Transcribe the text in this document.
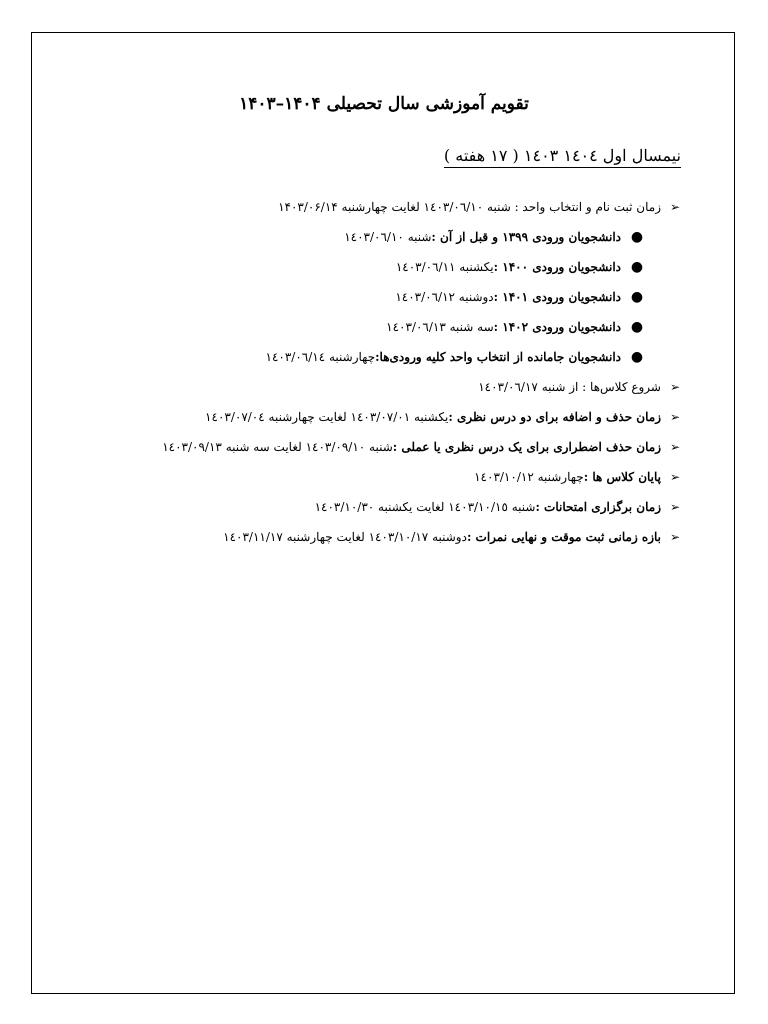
تقویم آموزشی سال تحصیلی ۱۴۰۴–۱۴۰۳
نیمسال اول ١٤٠٤ ١٤٠٣ ( ١٧ هفته )
➢
زمان ثبت نام و انتخاب واحد : شنبه ١٤٠٣/٠٦/١٠ لغایت چهارشنبه ۱۴۰۳/۰۶/۱۴
●
دانشجویان ورودی ۱۳۹۹ و قبل از آن :
شنبه ١٤٠٣/٠٦/١٠
●
دانشجویان ورودی ۱۴۰۰ :
یکشنبه ١٤٠٣/٠٦/١١
●
دانشجویان ورودی ۱۴۰۱ :
دوشنبه ١٤٠٣/٠٦/١٢
●
دانشجویان ورودی ۱۴۰۲ :
سه شنبه ١٤٠٣/٠٦/١٣
●
دانشجویان جامانده از انتخاب واحد کلیه ورودی‌ها:
چهارشنبه ١٤٠٣/٠٦/١٤
➢
شروع کلاس‌ها : از شنبه ١٤٠٣/٠٦/١٧
➢
زمان حذف و اضافه برای دو درس نظری :
یکشنبه ١٤٠٣/٠٧/٠١ لغایت چهارشنبه ١٤٠٣/٠٧/٠٤
➢
زمان حذف اضطراری برای یک درس نظری یا عملی :
شنبه ١٤٠٣/٠٩/١٠ لغایت سه شنبه ١٤٠٣/٠٩/١٣
➢
پایان کلاس ها :
چهارشنبه ١٤٠٣/١٠/١٢
➢
زمان برگزاری امتحانات :
شنبه ١٤٠٣/١٠/١٥ لغایت یکشنبه ١٤٠٣/١٠/٣٠
➢
بازه زمانی ثبت موقت و نهایی نمرات :
دوشنبه ١٤٠٣/١٠/١٧ لغایت چهارشنبه ١٤٠٣/١١/١٧
